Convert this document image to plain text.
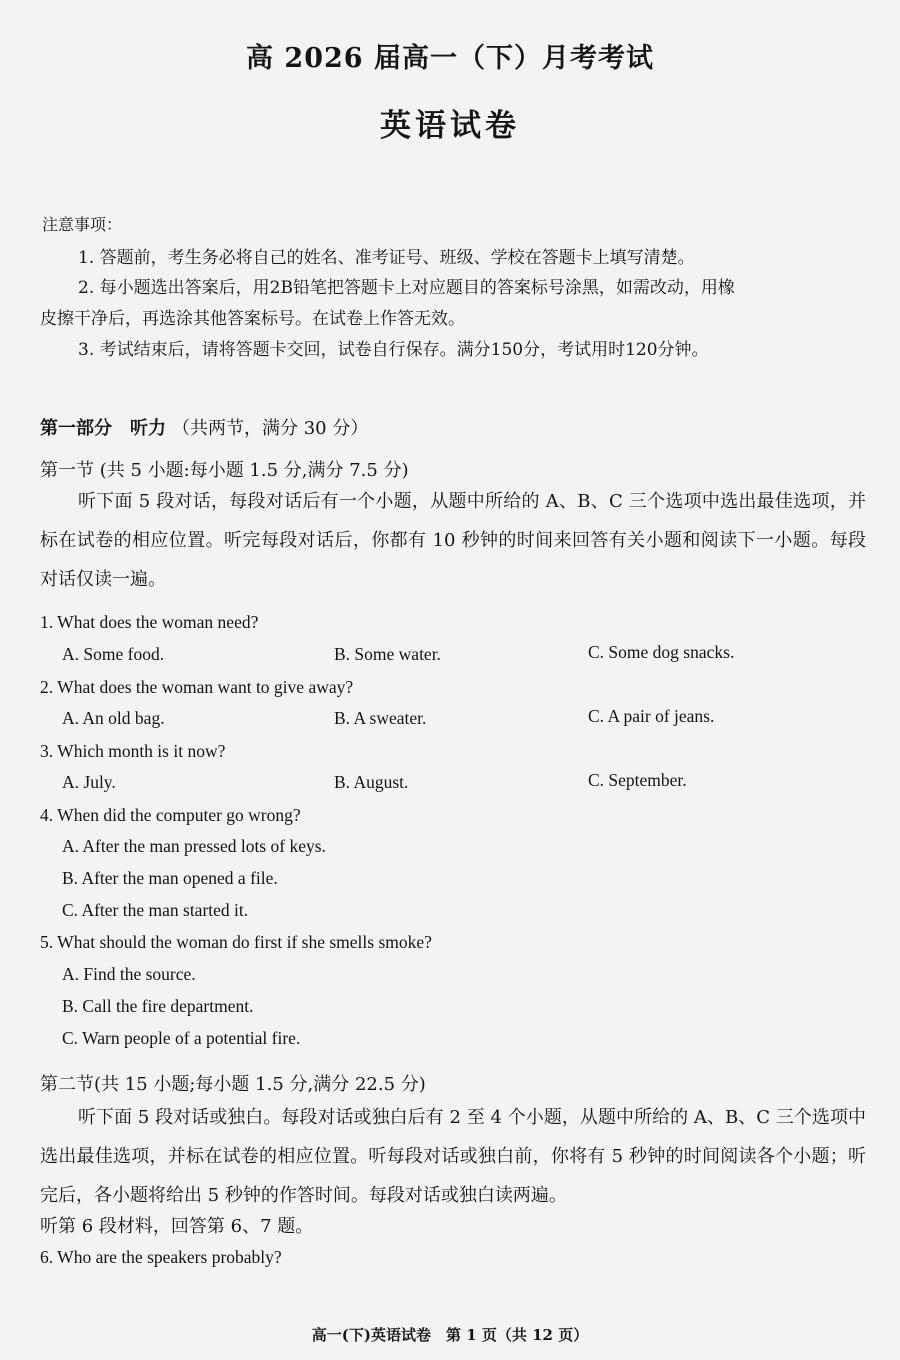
高 2026 届高一（下）月考考试
英语试卷
注意事项：
1. 答题前，考生务必将自己的姓名、准考证号、班级、学校在答题卡上填写清楚。
2. 每小题选出答案后，用2B铅笔把答题卡上对应题目的答案标号涂黑，如需改动，用橡
皮擦干净后，再选涂其他答案标号。在试卷上作答无效。
3. 考试结束后，请将答题卡交回，试卷自行保存。满分150分，考试用时120分钟。
第一部分　听力 （共两节，满分 30 分）
第一节 (共 5 小题:每小题 1.5 分,满分 7.5 分)
听下面 5 段对话，每段对话后有一个小题，从题中所给的 A、B、C 三个选项中选出最佳选项，并标在试卷的相应位置。听完每段对话后，你都有 10 秒钟的时间来回答有关小题和阅读下一小题。每段对话仅读一遍。
1. What does the woman need?
A. Some food.	B. Some water.	C. Some dog snacks.
2. What does the woman want to give away?
A. An old bag.	B. A sweater.	C. A pair of jeans.
3. Which month is it now?
A. July.	B. August.	C. September.
4. When did the computer go wrong?
A. After the man pressed lots of keys.
B. After the man opened a file.
C. After the man started it.
5. What should the woman do first if she smells smoke?
A. Find the source.
B. Call the fire department.
C. Warn people of a potential fire.
第二节(共 15 小题;每小题 1.5 分,满分 22.5 分)
听下面 5 段对话或独白。每段对话或独白后有 2 至 4 个小题，从题中所给的 A、B、C 三个选项中选出最佳选项，并标在试卷的相应位置。听每段对话或独白前，你将有 5 秒钟的时间阅读各个小题；听完后，各小题将给出 5 秒钟的作答时间。每段对话或独白读两遍。
听第 6 段材料，回答第 6、7 题。
6. Who are the speakers probably?
高一(下)英语试卷　第 1 页（共 12 页）
